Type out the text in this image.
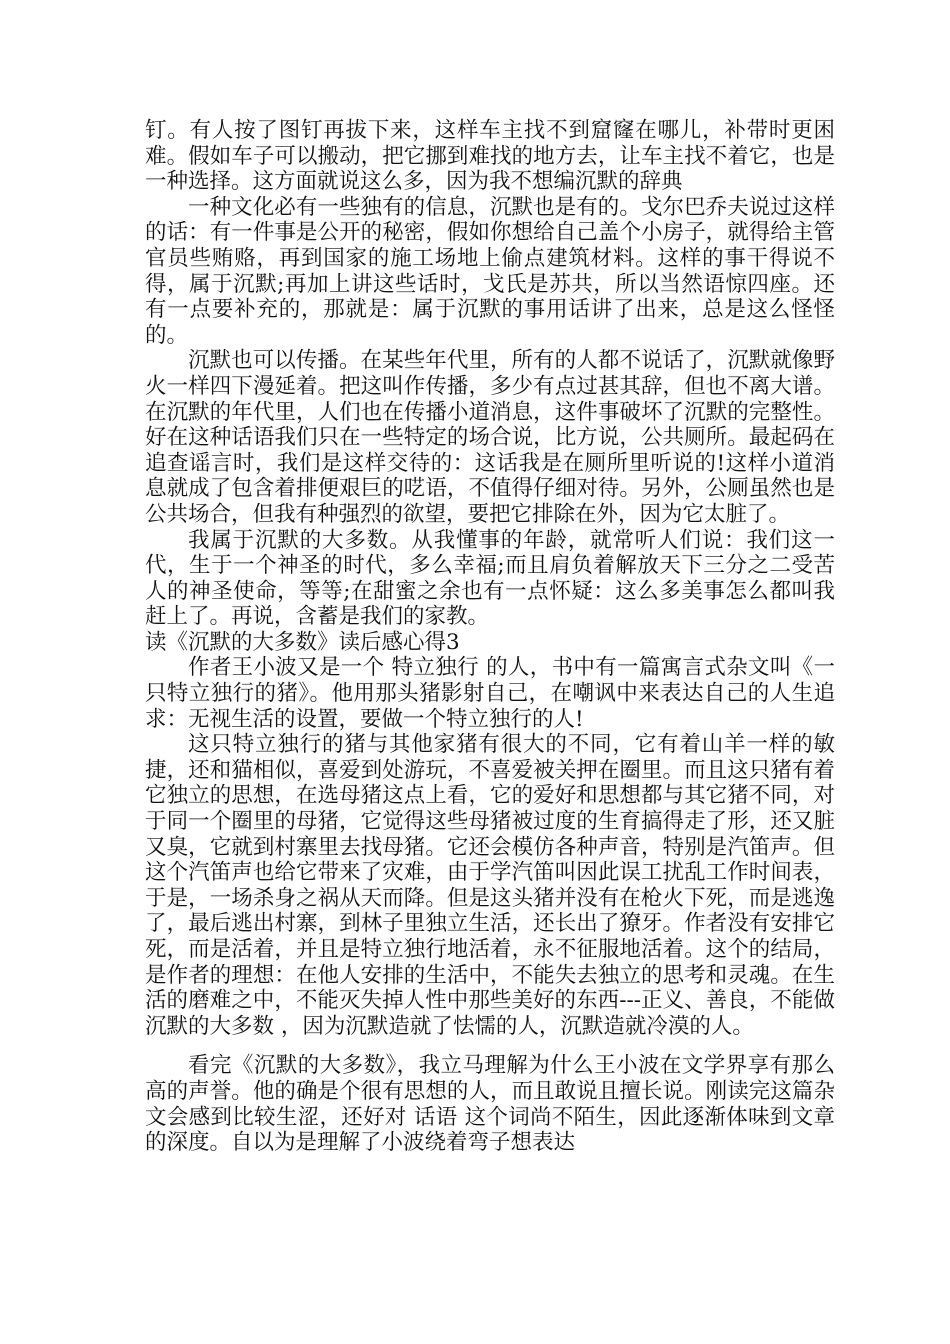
钉。有人按了图钉再拔下来，这样车主找不到窟窿在哪儿，补带时更困难。假如车子可以搬动，把它挪到难找的地方去，让车主找不着它，也是一种选择。这方面就说这么多，因为我不想编沉默的辞典

一种文化必有一些独有的信息，沉默也是有的。戈尔巴乔夫说过这样的话：有一件事是公开的秘密，假如你想给自己盖个小房子，就得给主管官员些贿赂，再到国家的施工场地上偷点建筑材料。这样的事干得说不得，属于沉默;再加上讲这些话时，戈氏是苏共，所以当然语惊四座。还有一点要补充的，那就是：属于沉默的事用话讲了出来，总是这么怪怪的。

沉默也可以传播。在某些年代里，所有的人都不说话了，沉默就像野火一样四下漫延着。把这叫作传播，多少有点过甚其辞，但也不离大谱。在沉默的年代里，人们也在传播小道消息，这件事破坏了沉默的完整性。好在这种话语我们只在一些特定的场合说，比方说，公共厕所。最起码在追查谣言时，我们是这样交待的：这话我是在厕所里听说的!这样小道消息就成了包含着排便艰巨的呓语，不值得仔细对待。另外，公厕虽然也是公共场合，但我有种强烈的欲望，要把它排除在外，因为它太脏了。

我属于沉默的大多数。从我懂事的年龄，就常听人们说：我们这一代，生于一个神圣的时代，多么幸福;而且肩负着解放天下三分之二受苦人的神圣使命，等等;在甜蜜之余也有一点怀疑：这么多美事怎么都叫我赶上了。再说，含蓄是我们的家教。

读《沉默的大多数》读后感心得3

作者王小波又是一个 特立独行 的人，书中有一篇寓言式杂文叫《一只特立独行的猪》。他用那头猪影射自己，在嘲讽中来表达自己的人生追求：无视生活的设置，要做一个特立独行的人!

这只特立独行的猪与其他家猪有很大的不同，它有着山羊一样的敏捷，还和猫相似，喜爱到处游玩，不喜爱被关押在圈里。而且这只猪有着它独立的思想，在选母猪这点上看，它的爱好和思想都与其它猪不同，对于同一个圈里的母猪，它觉得这些母猪被过度的生育搞得走了形，还又脏又臭，它就到村寨里去找母猪。它还会模仿各种声音，特别是汽笛声。但这个汽笛声也给它带来了灾难，由于学汽笛叫因此误工扰乱工作时间表，于是，一场杀身之祸从天而降。但是这头猪并没有在枪火下死，而是逃逸了，最后逃出村寨，到林子里独立生活，还长出了獠牙。作者没有安排它死，而是活着，并且是特立独行地活着，永不征服地活着。这个的结局，是作者的理想：在他人安排的生活中，不能失去独立的思考和灵魂。在生活的磨难之中，不能灭失掉人性中那些美好的东西---正义、善良，不能做 沉默的大多数 ，因为沉默造就了怯懦的人，沉默造就冷漠的人。

看完《沉默的大多数》，我立马理解为什么王小波在文学界享有那么高的声誉。他的确是个很有思想的人，而且敢说且擅长说。刚读完这篇杂文会感到比较生涩，还好对 话语 这个词尚不陌生，因此逐渐体味到文章的深度。自以为是理解了小波绕着弯子想表达
